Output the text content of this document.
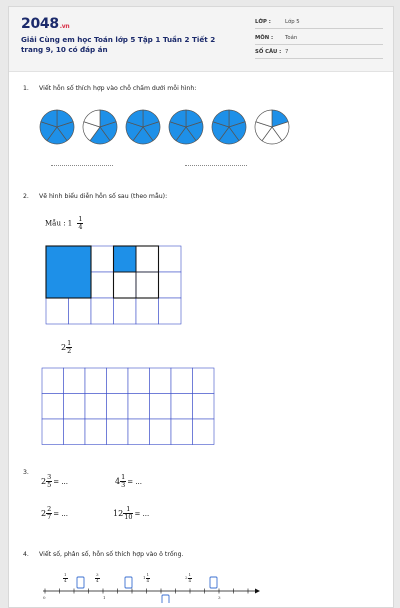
2048.vn
Giải Cùng em học Toán lớp 5 Tập 1 Tuần 2 Tiết 2 trang 9, 10 có đáp án
LỚP :	Lớp 5
MÔN : Toán
SỐ CÂU : 7
1. Viết hỗn số thích hợp vào chỗ chấm dưới mỗi hình:
2. Vẽ hình biểu diễn hỗn số sau (theo mẫu):
Mẫu : $1 \frac{1}{4}$
$2 \frac{1}{2}$
3.
$2 \frac{3}{5}$ = ...	$4 \frac{1}{3}$ = ...
$2 \frac{2}{7}$ = ...	$12 \frac{1}{10}$ = ...
4. Viết số, phân số, hỗn số thích hợp vào ô trống.
$\frac{1}{4}$	$\frac{3}{4}$	$1 \frac{1}{4}$	$2 \frac{1}{4}$
0	1	3
